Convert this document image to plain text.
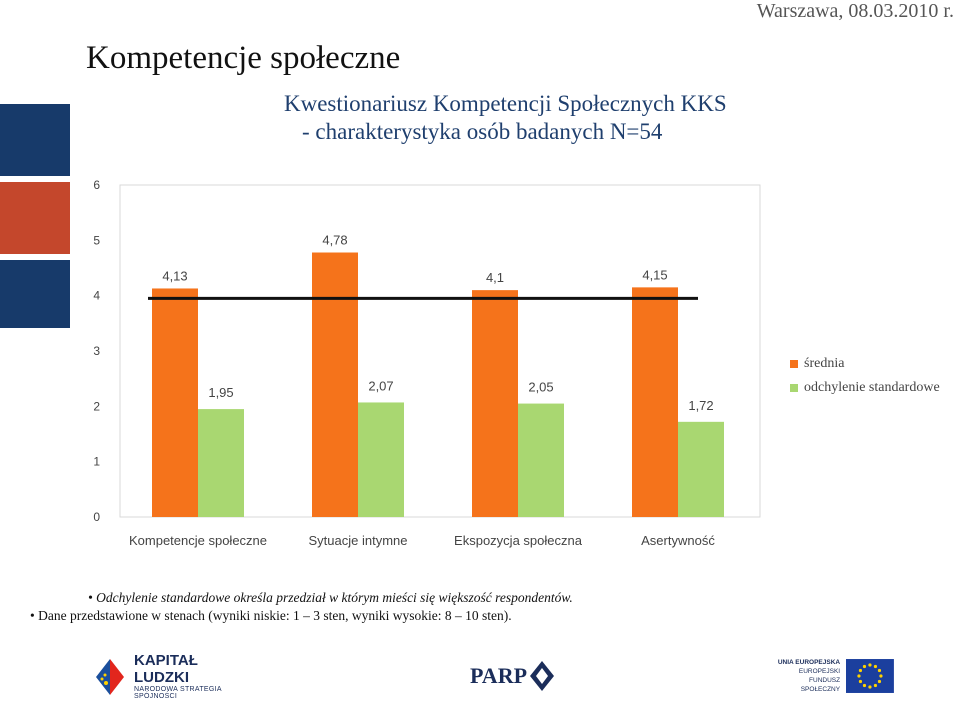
Warszawa, 08.03.2010 r.
Kompetencje społeczne
Kwestionariusz Kompetencji Społecznych KKS
- charakterystyka osób badanych N=54
0
1
2
3
4
5
6
4,13
1,95
Kompetencje społeczne
4,78
2,07
Sytuacje intymne
4,1
2,05
Ekspozycja społeczna
4,15
1,72
Asertywność
średnia
odchylenie standardowe
• Odchylenie standardowe określa przedział w którym mieści się większość respondentów.
• Dane przedstawione w stenach (wyniki niskie: 1 – 3 sten, wyniki wysokie: 8 – 10 sten).
KAPITAŁ LUDZKI
NARODOWA STRATEGIA SPÓJNOŚCI
PARP
UNIA EUROPEJSKA
EUROPEJSKI
FUNDUSZ SPOŁECZNY
